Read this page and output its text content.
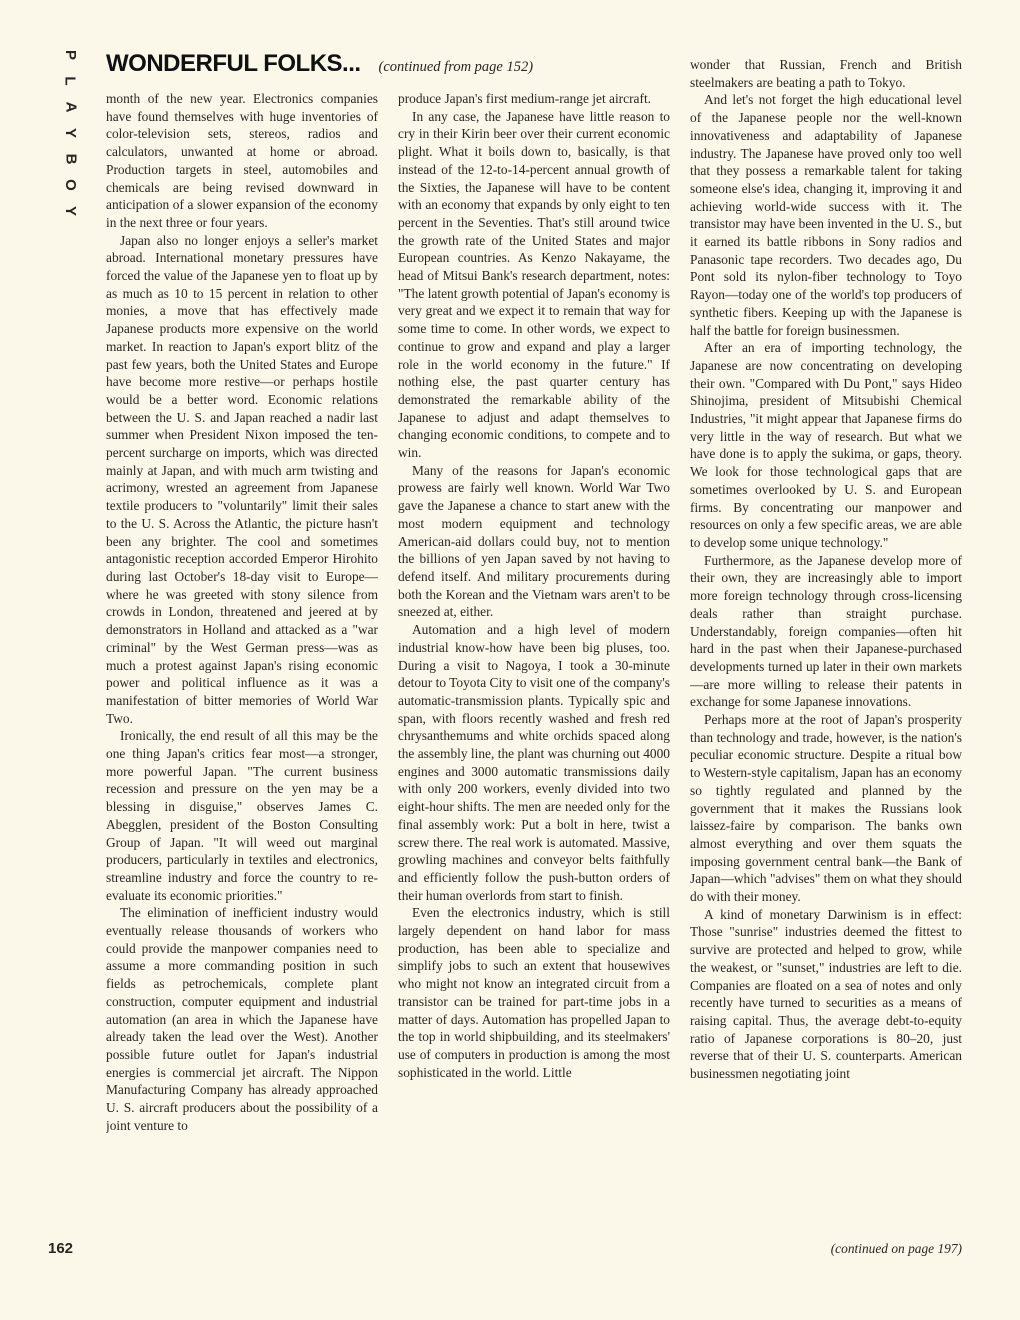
P
L
A
Y
B
O
Y
WONDERFUL FOLKS... (continued from page 152)

month of the new year. Electronics companies have found themselves with huge inventories of color-television sets, stereos, radios and calculators, unwanted at home or abroad. Production targets in steel, automobiles and chemicals are being revised downward in anticipation of a slower expansion of the economy in the next three or four years.

Japan also no longer enjoys a seller's market abroad. International monetary pressures have forced the value of the Japanese yen to float up by as much as 10 to 15 percent in relation to other monies, a move that has effectively made Japanese products more expensive on the world market. In reaction to Japan's export blitz of the past few years, both the United States and Europe have become more restive—or perhaps hostile would be a better word. Economic relations between the U. S. and Japan reached a nadir last summer when President Nixon imposed the ten-percent surcharge on imports, which was directed mainly at Japan, and with much arm twisting and acrimony, wrested an agreement from Japanese textile producers to "voluntarily" limit their sales to the U. S. Across the Atlantic, the picture hasn't been any brighter. The cool and sometimes antagonistic reception accorded Emperor Hirohito during last October's 18-day visit to Europe—where he was greeted with stony silence from crowds in London, threatened and jeered at by demonstrators in Holland and attacked as a "war criminal" by the West German press—was as much a protest against Japan's rising economic power and political influence as it was a manifestation of bitter memories of World War Two.

Ironically, the end result of all this may be the one thing Japan's critics fear most—a stronger, more powerful Japan. "The current business recession and pressure on the yen may be a blessing in disguise," observes James C. Abegglen, president of the Boston Consulting Group of Japan. "It will weed out marginal producers, particularly in textiles and electronics, streamline industry and force the country to re-evaluate its economic priorities."

The elimination of inefficient industry would eventually release thousands of workers who could provide the manpower companies need to assume a more commanding position in such fields as petrochemicals, complete plant construction, computer equipment and industrial automation (an area in which the Japanese have already taken the lead over the West). Another possible future outlet for Japan's industrial energies is commercial jet aircraft. The Nippon Manufacturing Company has already approached U. S. aircraft producers about the possibility of a joint venture to

produce Japan's first medium-range jet aircraft.

In any case, the Japanese have little reason to cry in their Kirin beer over their current economic plight. What it boils down to, basically, is that instead of the 12-to-14-percent annual growth of the Sixties, the Japanese will have to be content with an economy that expands by only eight to ten percent in the Seventies. That's still around twice the growth rate of the United States and major European countries. As Kenzo Nakayame, the head of Mitsui Bank's research department, notes: "The latent growth potential of Japan's economy is very great and we expect it to remain that way for some time to come. In other words, we expect to continue to grow and expand and play a larger role in the world economy in the future." If nothing else, the past quarter century has demonstrated the remarkable ability of the Japanese to adjust and adapt themselves to changing economic conditions, to compete and to win.

Many of the reasons for Japan's economic prowess are fairly well known. World War Two gave the Japanese a chance to start anew with the most modern equipment and technology American-aid dollars could buy, not to mention the billions of yen Japan saved by not having to defend itself. And military procurements during both the Korean and the Vietnam wars aren't to be sneezed at, either.

Automation and a high level of modern industrial know-how have been big pluses, too. During a visit to Nagoya, I took a 30-minute detour to Toyota City to visit one of the company's automatic-transmission plants. Typically spic and span, with floors recently washed and fresh red chrysanthemums and white orchids spaced along the assembly line, the plant was churning out 4000 engines and 3000 automatic transmissions daily with only 200 workers, evenly divided into two eight-hour shifts. The men are needed only for the final assembly work: Put a bolt in here, twist a screw there. The real work is automated. Massive, growling machines and conveyor belts faithfully and efficiently follow the push-button orders of their human overlords from start to finish.

Even the electronics industry, which is still largely dependent on hand labor for mass production, has been able to specialize and simplify jobs to such an extent that housewives who might not know an integrated circuit from a transistor can be trained for part-time jobs in a matter of days. Automation has propelled Japan to the top in world shipbuilding, and its steelmakers' use of computers in production is among the most sophisticated in the world. Little

wonder that Russian, French and British steelmakers are beating a path to Tokyo.

And let's not forget the high educational level of the Japanese people nor the well-known innovativeness and adaptability of Japanese industry. The Japanese have proved only too well that they possess a remarkable talent for taking someone else's idea, changing it, improving it and achieving world-wide success with it. The transistor may have been invented in the U. S., but it earned its battle ribbons in Sony radios and Panasonic tape recorders. Two decades ago, Du Pont sold its nylon-fiber technology to Toyo Rayon—today one of the world's top producers of synthetic fibers. Keeping up with the Japanese is half the battle for foreign businessmen.

After an era of importing technology, the Japanese are now concentrating on developing their own. "Compared with Du Pont," says Hideo Shinojima, president of Mitsubishi Chemical Industries, "it might appear that Japanese firms do very little in the way of research. But what we have done is to apply the sukima, or gaps, theory. We look for those technological gaps that are sometimes overlooked by U. S. and European firms. By concentrating our manpower and resources on only a few specific areas, we are able to develop some unique technology."

Furthermore, as the Japanese develop more of their own, they are increasingly able to import more foreign technology through cross-licensing deals rather than straight purchase. Understandably, foreign companies—often hit hard in the past when their Japanese-purchased developments turned up later in their own markets—are more willing to release their patents in exchange for some Japanese innovations.

Perhaps more at the root of Japan's prosperity than technology and trade, however, is the nation's peculiar economic structure. Despite a ritual bow to Western-style capitalism, Japan has an economy so tightly regulated and planned by the government that it makes the Russians look laissez-faire by comparison. The banks own almost everything and over them squats the imposing government central bank—the Bank of Japan—which "advises" them on what they should do with their money.

A kind of monetary Darwinism is in effect: Those "sunrise" industries deemed the fittest to survive are protected and helped to grow, while the weakest, or "sunset," industries are left to die. Companies are floated on a sea of notes and only recently have turned to securities as a means of raising capital. Thus, the average debt-to-equity ratio of Japanese corporations is 80–20, just reverse that of their U. S. counterparts. American businessmen negotiating joint

(continued on page 197)
162
